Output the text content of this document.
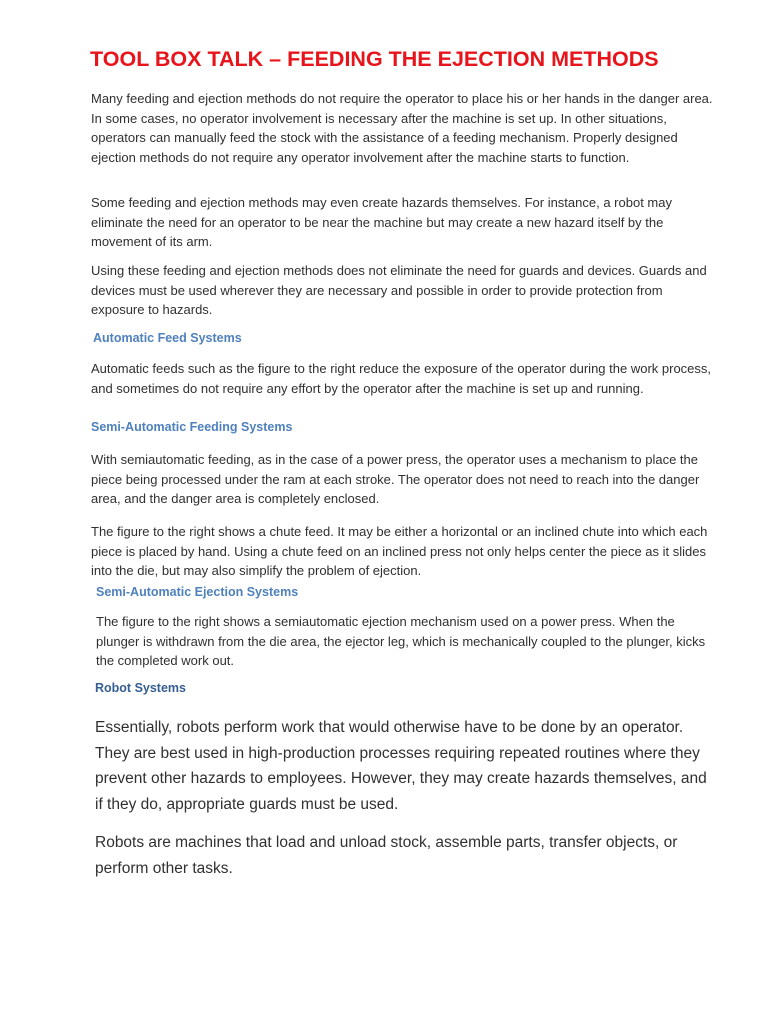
TOOL BOX TALK – FEEDING THE EJECTION METHODS

Many feeding and ejection methods do not require the operator to place his or her hands in the danger area. In some cases, no operator involvement is necessary after the machine is set up. In other situations, operators can manually feed the stock with the assistance of a feeding mechanism. Properly designed ejection methods do not require any operator involvement after the machine starts to function.

Some feeding and ejection methods may even create hazards themselves. For instance, a robot may eliminate the need for an operator to be near the machine but may create a new hazard itself by the movement of its arm.

Using these feeding and ejection methods does not eliminate the need for guards and devices. Guards and devices must be used wherever they are necessary and possible in order to provide protection from exposure to hazards.

Automatic Feed Systems

Automatic feeds such as the figure to the right reduce the exposure of the operator during the work process, and sometimes do not require any effort by the operator after the machine is set up and running.

Semi-Automatic Feeding Systems

With semiautomatic feeding, as in the case of a power press, the operator uses a mechanism to place the piece being processed under the ram at each stroke. The operator does not need to reach into the danger area, and the danger area is completely enclosed.

The figure to the right shows a chute feed. It may be either a horizontal or an inclined chute into which each piece is placed by hand. Using a chute feed on an inclined press not only helps center the piece as it slides into the die, but may also simplify the problem of ejection.

Semi-Automatic Ejection Systems

The figure to the right shows a semiautomatic ejection mechanism used on a power press. When the plunger is withdrawn from the die area, the ejector leg, which is mechanically coupled to the plunger, kicks the completed work out.

Robot Systems

Essentially, robots perform work that would otherwise have to be done by an operator. They are best used in high-production processes requiring repeated routines where they prevent other hazards to employees. However, they may create hazards themselves, and if they do, appropriate guards must be used.

Robots are machines that load and unload stock, assemble parts, transfer objects, or perform other tasks.
